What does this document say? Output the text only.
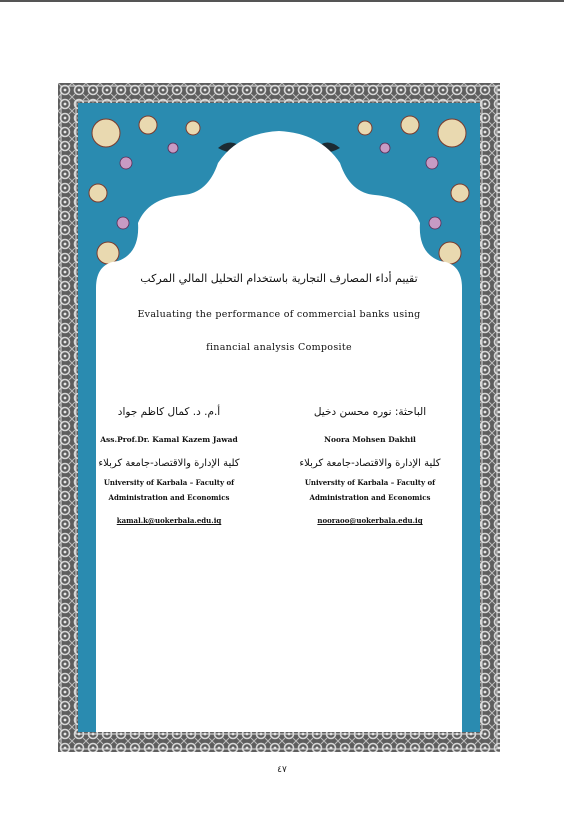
تقييم أداء المصارف التجارية باستخدام التحليل المالي المركب
Evaluating the performance of commercial banks using
financial analysis Composite
الباحثة: نوره محسن دخيل
Noora Mohsen Dakhil
كلية الإدارة والاقتصاد-جامعة كربلاء
University of Karbala – Faculty of
Administration and Economics
nooraoo@uokerbala.edu.iq
أ.م. د. كمال كاظم جواد
Ass.Prof.Dr. Kamal Kazem Jawad
كلية الإدارة والاقتصاد-جامعة كربلاء
University of Karbala – Faculty of
Administration and Economics
kamal.k@uokerbala.edu.iq
٤٧
